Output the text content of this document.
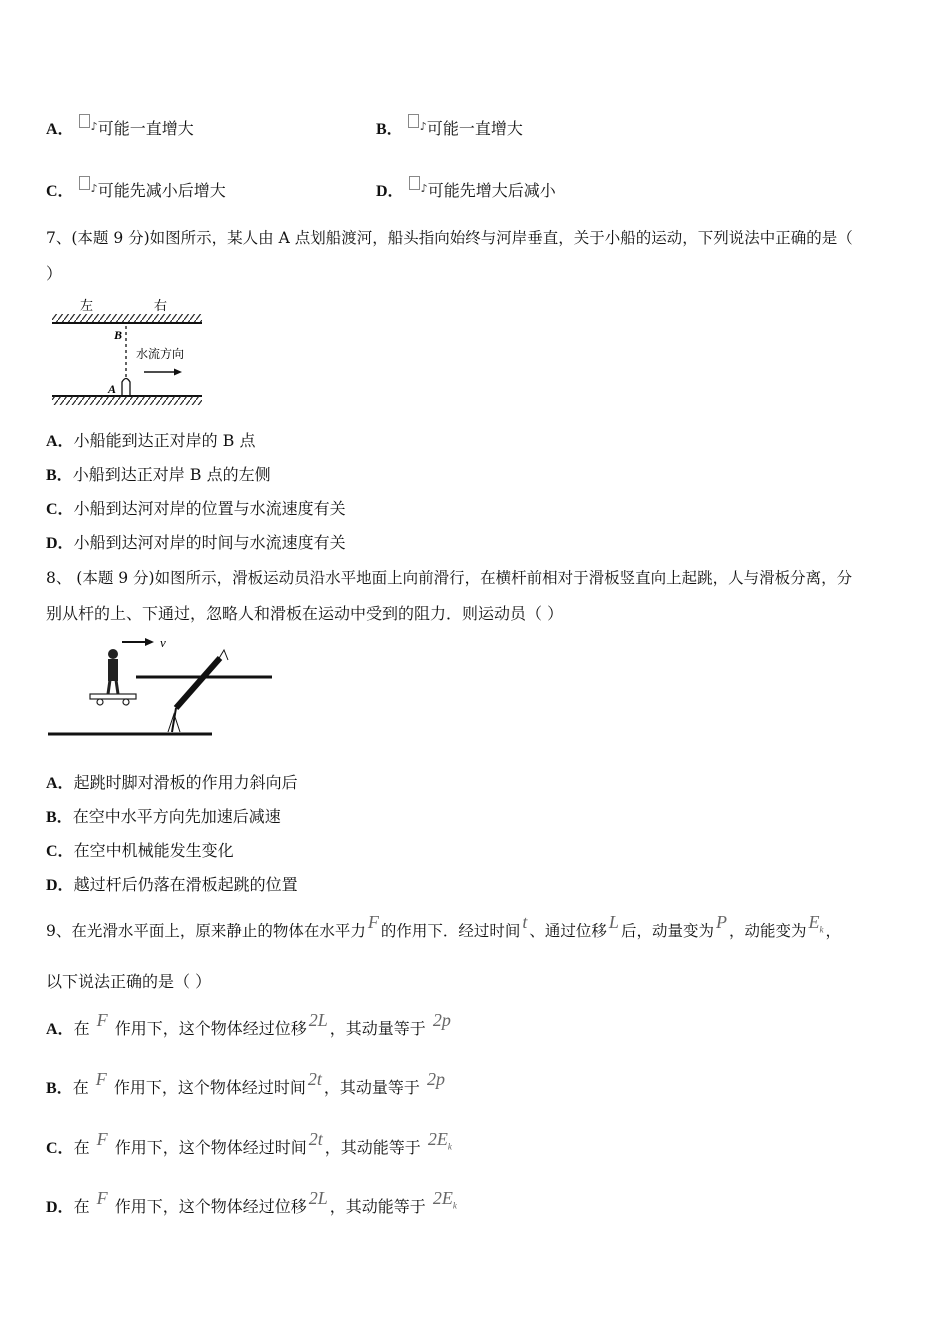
A． ♪可能一直增大	B． ♪可能一直增大
C． ♪可能先减小后增大	D． ♪可能先增大后减小
7、(本题 9 分)如图所示，某人由 A 点划船渡河，船头指向始终与河岸垂直，关于小船的运动，下列说法中正确的是（
）
左	右
B
水流方向
A
A．小船能到达正对岸的 B 点
B．小船到达正对岸 B 点的左侧
C．小船到达河对岸的位置与水流速度有关
D．小船到达河对岸的时间与水流速度有关
8、 (本题 9 分)如图所示，滑板运动员沿水平地面上向前滑行，在横杆前相对于滑板竖直向上起跳，人与滑板分离，分
别从杆的上、下通过，忽略人和滑板在运动中受到的阻力．则运动员（ ）
v
A．起跳时脚对滑板的作用力斜向后
B．在空中水平方向先加速后减速
C．在空中机械能发生变化
D．越过杆后仍落在滑板起跳的位置
9、在光滑水平面上，原来静止的物体在水平力 F 的作用下．经过时间 t 、通过位移 L 后，动量变为 P ，动能变为 $E_k$ ，
以下说法正确的是（ ）
A．在 F 作用下，这个物体经过位移 2L ，其动量等于 2p
B．在 F 作用下，这个物体经过时间 2t ，其动量等于 2p
C．在 F 作用下，这个物体经过时间 2t ，其动能等于 $2E_k$
D．在 F 作用下，这个物体经过位移 2L ，其动能等于 $2E_k$
